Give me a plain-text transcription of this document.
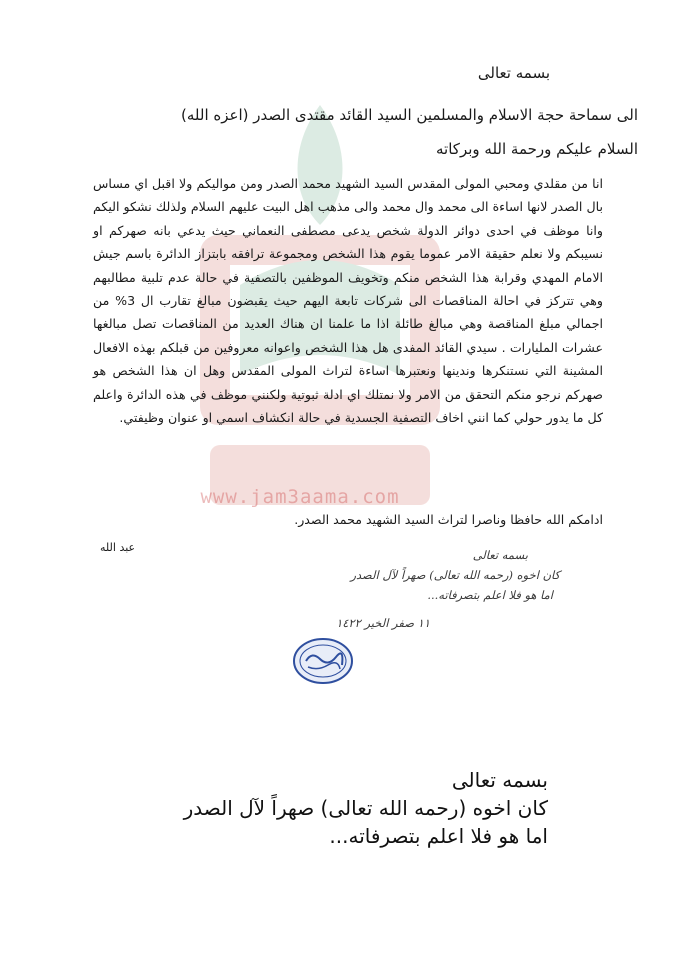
www.jam3aama.com
بسمه تعالى
الى سماحة حجة الاسلام والمسلمين السيد القائد مقتدى الصدر (اعزه الله)
السلام عليكم ورحمة الله وبركاته
انا من مقلدي ومحبي المولى المقدس السيد الشهيد محمد الصدر ومن مواليكم ولا اقبل اي مساس بال الصدر لانها اساءة الى محمد وال محمد والى مذهب اهل البيت عليهم السلام ولذلك نشكو اليكم وانا موظف في احدى دوائر الدولة شخص يدعى مصطفى النعماني حيث يدعي بانه صهركم او نسيبكم ولا نعلم حقيقة الامر عموما يقوم هذا الشخص ومجموعة ترافقه بابتزاز الدائرة باسم جيش الامام المهدي وقرابة هذا الشخص منكم وتخويف الموظفين بالتصفية في حالة عدم تلبية مطالبهم وهي تتركز في احالة المناقصات الى شركات تابعة اليهم حيث يقبضون مبالغ تقارب ال 3% من اجمالي مبلغ المناقصة وهي مبالغ طائلة اذا ما علمنا ان هناك العديد من المناقصات تصل مبالغها عشرات المليارات . سيدي القائد المفدى هل هذا الشخص واعوانه معروفين من قبلكم بهذه الافعال المشينة التي نستنكرها وندينها ونعتبرها اساءة لتراث المولى المقدس وهل ان هذا الشخص هو صهركم نرجو منكم التحقق من الامر ولا نمتلك اي ادلة ثبوتية ولكنني موظف في هذه الدائرة واعلم كل ما يدور حولي كما انني اخاف التصفية الجسدية في حالة انكشاف اسمي او عنوان وظيفتي.
ادامكم الله حافظا وناصرا لتراث السيد الشهيد محمد الصدر.
عبد الله
بسمه تعالى
كان اخوه (رحمه الله تعالى) صهراً لآل الصدر
اما هو فلا اعلم بتصرفاته...
١١ صفر الخير ١٤٢٢
بسمه تعالى
كان اخوه (رحمه الله تعالى) صهراً لآل الصدر
اما هو فلا اعلم بتصرفاته...
